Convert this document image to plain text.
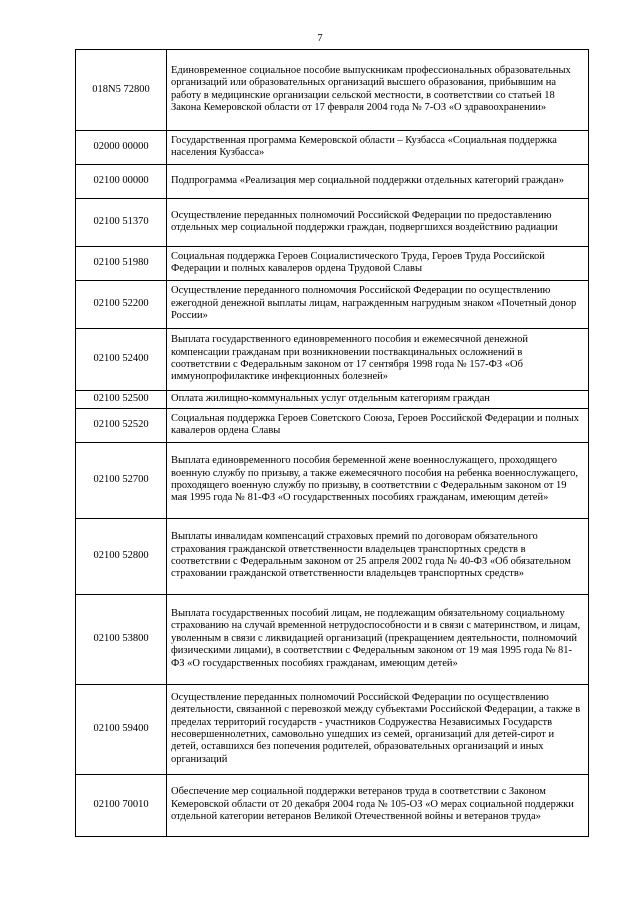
7
018N5 72800	Единовременное социальное пособие выпускникам профессиональных образовательных организаций или образовательных организаций высшего образования, прибывшим на работу в медицинские организации сельской местности, в соответствии со статьей 18 Закона Кемеровской области от 17 февраля 2004 года № 7-ОЗ «О здравоохранении»
02000 00000	Государственная программа Кемеровской области – Кузбасса «Социальная поддержка населения Кузбасса»
02100 00000	Подпрограмма «Реализация мер социальной поддержки отдельных категорий граждан»
02100 51370	Осуществление переданных полномочий Российской Федерации по предоставлению отдельных мер социальной поддержки граждан, подвергшихся воздействию радиации
02100 51980	Социальная поддержка Героев Социалистического Труда, Героев Труда Российской Федерации и полных кавалеров ордена Трудовой Славы
02100 52200	Осуществление переданного полномочия Российской Федерации по осуществлению ежегодной денежной выплаты лицам, награжденным нагрудным знаком «Почетный донор России»
02100 52400	Выплата государственного единовременного пособия и ежемесячной денежной компенсации гражданам при возникновении поствакцинальных осложнений в соответствии с Федеральным законом от 17 сентября 1998 года № 157-ФЗ «Об иммунопрофилактике инфекционных болезней»
02100 52500	Оплата жилищно-коммунальных услуг отдельным категориям граждан
02100 52520	Социальная поддержка Героев Советского Союза, Героев Российской Федерации и полных кавалеров ордена Славы
02100 52700	Выплата единовременного пособия беременной жене военнослужащего, проходящего военную службу по призыву, а также ежемесячного пособия на ребенка военнослужащего, проходящего военную службу по призыву, в соответствии с Федеральным законом от 19 мая 1995 года № 81-ФЗ «О государственных пособиях гражданам, имеющим детей»
02100 52800	Выплаты инвалидам компенсаций страховых премий по договорам обязательного страхования гражданской ответственности владельцев транспортных средств в соответствии с Федеральным законом от 25 апреля 2002 года № 40-ФЗ «Об обязательном страховании гражданской ответственности владельцев транспортных средств»
02100 53800	Выплата государственных пособий лицам, не подлежащим обязательному социальному страхованию на случай временной нетрудоспособности и в связи с материнством, и лицам, уволенным в связи с ликвидацией организаций (прекращением деятельности, полномочий физическими лицами), в соответствии с Федеральным законом от 19 мая 1995 года № 81-ФЗ «О государственных пособиях гражданам, имеющим детей»
02100 59400	Осуществление переданных полномочий Российской Федерации по осуществлению деятельности, связанной с перевозкой между субъектами Российской Федерации, а также в пределах территорий государств - участников Содружества Независимых Государств несовершеннолетних, самовольно ушедших из семей, организаций для детей-сирот и детей, оставшихся без попечения родителей, образовательных организаций и иных организаций
02100 70010	Обеспечение мер социальной поддержки ветеранов труда в соответствии с Законом Кемеровской области от 20 декабря 2004 года № 105-ОЗ «О мерах социальной поддержки отдельной категории ветеранов Великой Отечественной войны и ветеранов труда»
